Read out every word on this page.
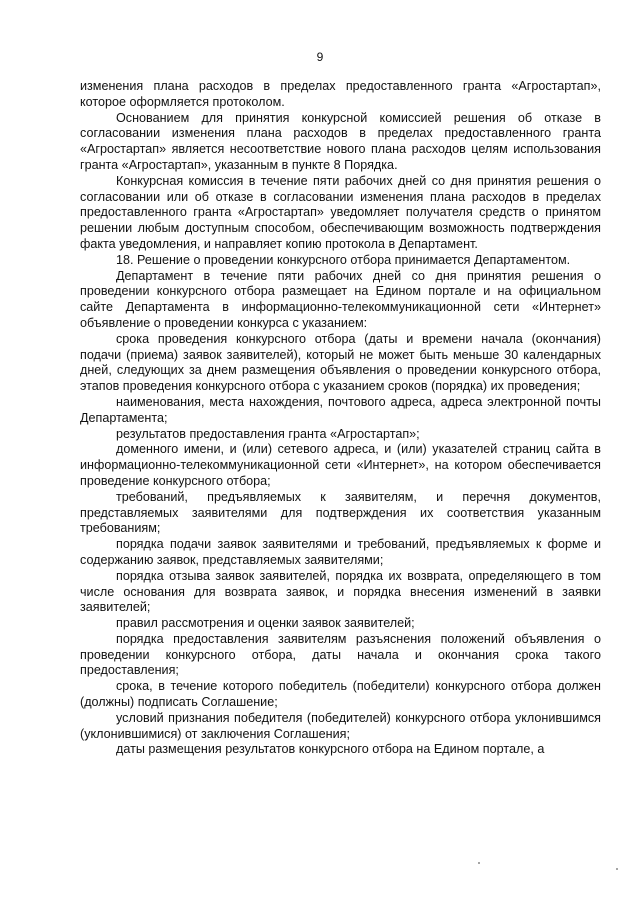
9

изменения плана расходов в пределах предоставленного гранта «Агростартап», которое оформляется протоколом.

Основанием для принятия конкурсной комиссией решения об отказе в согласовании изменения плана расходов в пределах предоставленного гранта «Агростартап» является несоответствие нового плана расходов целям использования гранта «Агростартап», указанным в пункте 8 Порядка.

Конкурсная комиссия в течение пяти рабочих дней со дня принятия решения о согласовании или об отказе в согласовании изменения плана расходов в пределах предоставленного гранта «Агростартап» уведомляет получателя средств о принятом решении любым доступным способом, обеспечивающим возможность подтверждения факта уведомления, и направляет копию протокола в Департамент.

18. Решение о проведении конкурсного отбора принимается Департаментом.

Департамент в течение пяти рабочих дней со дня принятия решения о проведении конкурсного отбора размещает на Едином портале и на официальном сайте Департамента в информационно-телекоммуникационной сети «Интернет» объявление о проведении конкурса с указанием:

срока проведения конкурсного отбора (даты и времени начала (окончания) подачи (приема) заявок заявителей), который не может быть меньше 30 календарных дней, следующих за днем размещения объявления о проведении конкурсного отбора, этапов проведения конкурсного отбора с указанием сроков (порядка) их проведения;

наименования, места нахождения, почтового адреса, адреса электронной почты Департамента;

результатов предоставления гранта «Агростартап»;

доменного имени, и (или) сетевого адреса, и (или) указателей страниц сайта в информационно-телекоммуникационной сети «Интернет», на котором обеспечивается проведение конкурсного отбора;

требований, предъявляемых к заявителям, и перечня документов, представляемых заявителями для подтверждения их соответствия указанным требованиям;

порядка подачи заявок заявителями и требований, предъявляемых к форме и содержанию заявок, представляемых заявителями;

порядка отзыва заявок заявителей, порядка их возврата, определяющего в том числе основания для возврата заявок, и порядка внесения изменений в заявки заявителей;

правил рассмотрения и оценки заявок заявителей;

порядка предоставления заявителям разъяснения положений объявления о проведении конкурсного отбора, даты начала и окончания срока такого предоставления;

срока, в течение которого победитель (победители) конкурсного отбора должен (должны) подписать Соглашение;

условий признания победителя (победителей) конкурсного отбора уклонившимся (уклонившимися) от заключения Соглашения;

даты размещения результатов конкурсного отбора на Едином портале, а
